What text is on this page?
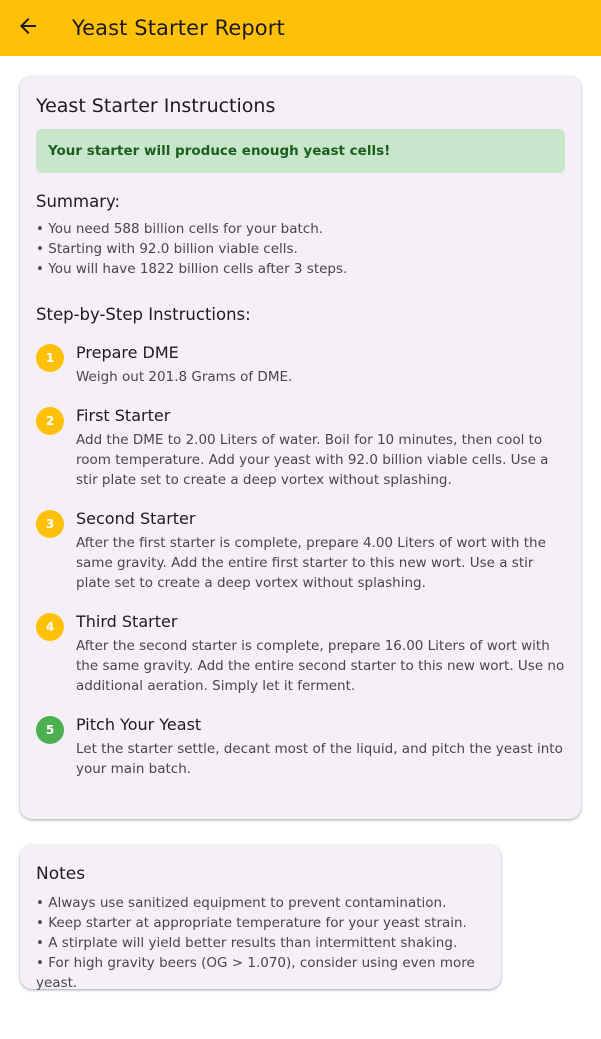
Yeast Starter Report
Yeast Starter Instructions
Your starter will produce enough yeast cells!
Summary:
• You need 588 billion cells for your batch.
• Starting with 92.0 billion viable cells.
• You will have 1822 billion cells after 3 steps.
Step-by-Step Instructions:
1	Prepare DME
Weigh out 201.8 Grams of DME.
2	First Starter
Add the DME to 2.00 Liters of water. Boil for 10 minutes, then cool to room temperature. Add your yeast with 92.0 billion viable cells. Use a stir plate set to create a deep vortex without splashing.
3	Second Starter
After the first starter is complete, prepare 4.00 Liters of wort with the same gravity. Add the entire first starter to this new wort. Use a stir plate set to create a deep vortex without splashing.
4	Third Starter
After the second starter is complete, prepare 16.00 Liters of wort with the same gravity. Add the entire second starter to this new wort. Use no additional aeration. Simply let it ferment.
5	Pitch Your Yeast
Let the starter settle, decant most of the liquid, and pitch the yeast into your main batch.
Notes
• Always use sanitized equipment to prevent contamination.
• Keep starter at appropriate temperature for your yeast strain.
• A stirplate will yield better results than intermittent shaking.
• For high gravity beers (OG > 1.070), consider using even more yeast.
